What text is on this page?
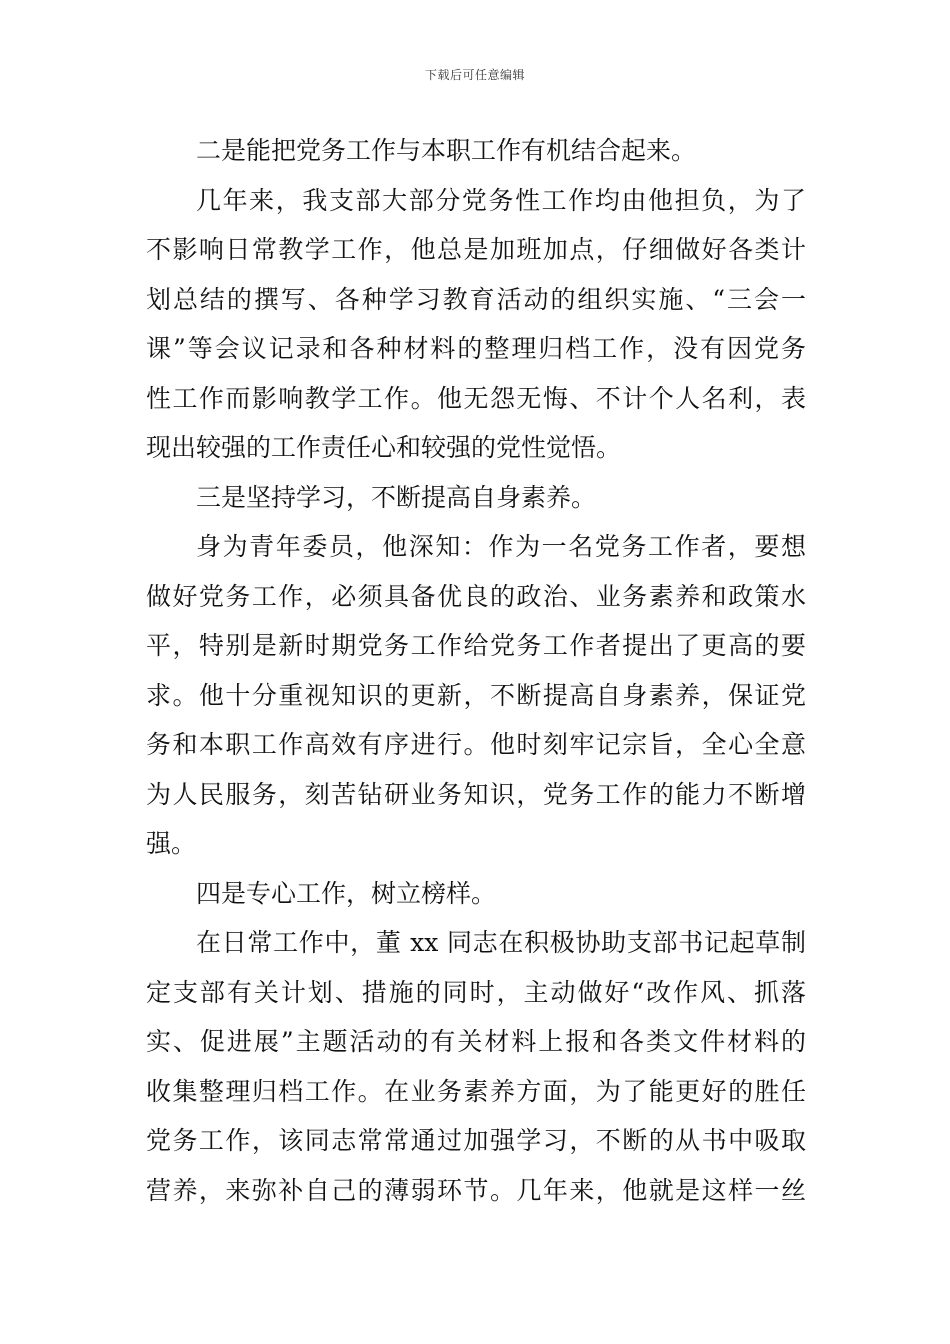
下载后可任意编辑
二是能把党务工作与本职工作有机结合起来。
几年来，我支部大部分党务性工作均由他担负，为了
不影响日常教学工作，他总是加班加点，仔细做好各类计
划总结的撰写、各种学习教育活动的组织实施、“三会一
课”等会议记录和各种材料的整理归档工作，没有因党务
性工作而影响教学工作。他无怨无悔、不计个人名利，表
现出较强的工作责任心和较强的党性觉悟。
三是坚持学习，不断提高自身素养。
身为青年委员，他深知：作为一名党务工作者，要想
做好党务工作，必须具备优良的政治、业务素养和政策水
平，特别是新时期党务工作给党务工作者提出了更高的要
求。他十分重视知识的更新，不断提高自身素养，保证党
务和本职工作高效有序进行。他时刻牢记宗旨，全心全意
为人民服务，刻苦钻研业务知识，党务工作的能力不断增
强。
四是专心工作，树立榜样。
在日常工作中，董 xx 同志在积极协助支部书记起草制
定支部有关计划、措施的同时，主动做好“改作风、抓落
实、促进展”主题活动的有关材料上报和各类文件材料的
收集整理归档工作。在业务素养方面，为了能更好的胜任
党务工作，该同志常常通过加强学习，不断的从书中吸取
营养，来弥补自己的薄弱环节。几年来，他就是这样一丝
